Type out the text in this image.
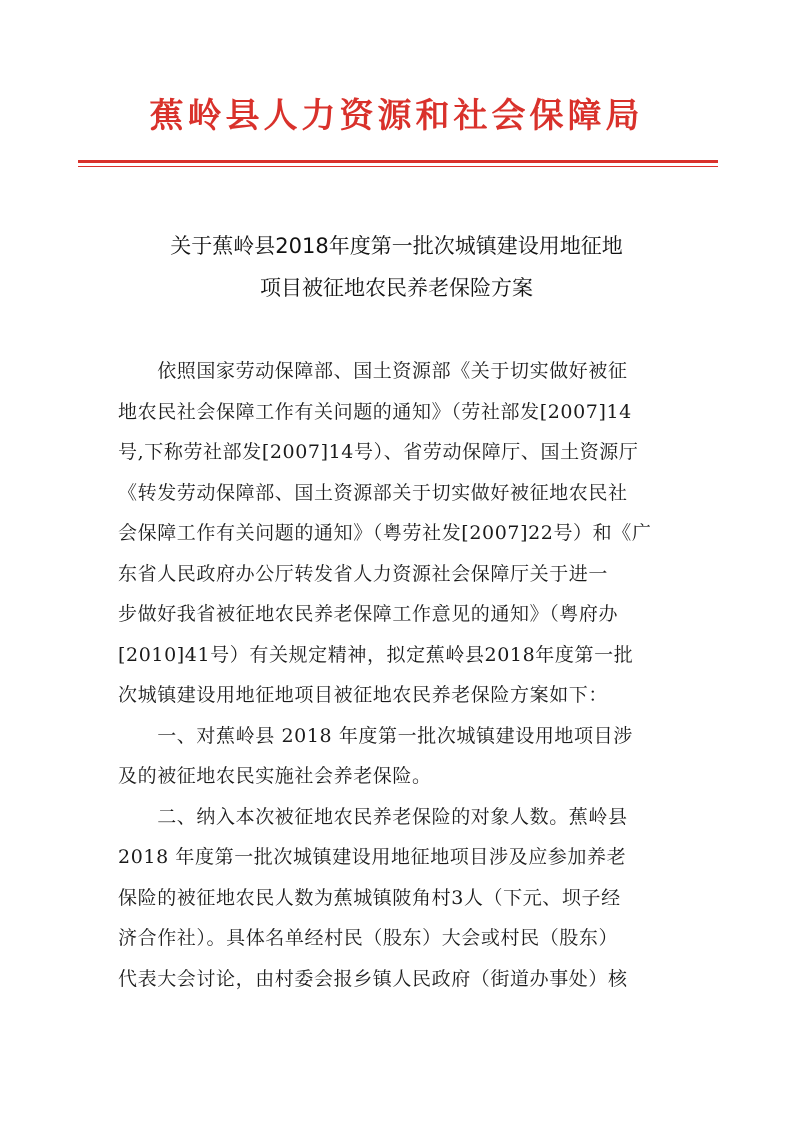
蕉岭县人力资源和社会保障局
关于蕉岭县2018年度第一批次城镇建设用地征地
项目被征地农民养老保险方案

　　依照国家劳动保障部、国土资源部《关于切实做好被征

地农民社会保障工作有关问题的通知》（劳社部发[2007]14

号,下称劳社部发[2007]14号）、省劳动保障厅、国土资源厅

《转发劳动保障部、国土资源部关于切实做好被征地农民社

会保障工作有关问题的通知》（粤劳社发[2007]22号）和《广

东省人民政府办公厅转发省人力资源社会保障厅关于进一

步做好我省被征地农民养老保障工作意见的通知》（粤府办

[2010]41号）有关规定精神，拟定蕉岭县2018年度第一批

次城镇建设用地征地项目被征地农民养老保险方案如下：

　　一、对蕉岭县 2018 年度第一批次城镇建设用地项目涉

及的被征地农民实施社会养老保险。

　　二、纳入本次被征地农民养老保险的对象人数。蕉岭县

2018 年度第一批次城镇建设用地征地项目涉及应参加养老

保险的被征地农民人数为蕉城镇陂角村3人（下元、坝子经

济合作社）。具体名单经村民（股东）大会或村民（股东）

代表大会讨论，由村委会报乡镇人民政府（街道办事处）核
